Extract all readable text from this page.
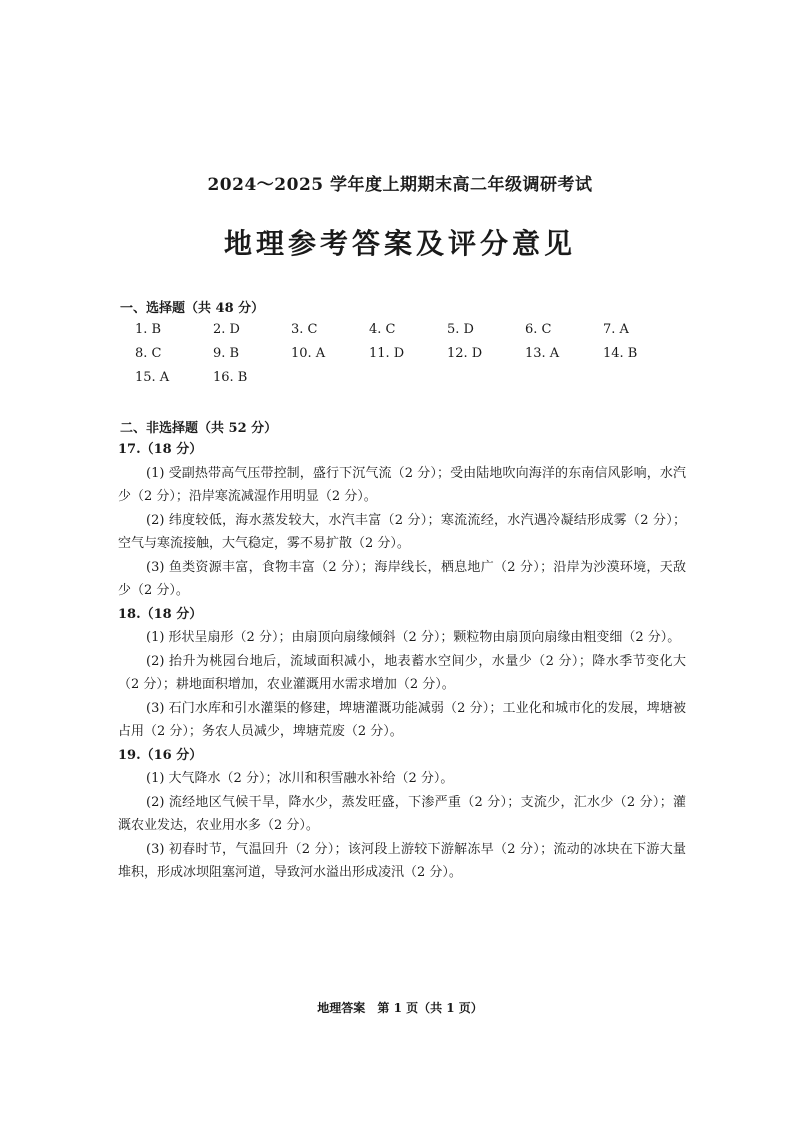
2024～2025 学年度上期期末高二年级调研考试
地理参考答案及评分意见
一、选择题（共 48 分）
1. B	2. D	3. C	4. C	5. D	6. C	7. A
8. C	9. B	10. A	11. D	12. D	13. A	14. B
15. A	16. B
二、非选择题（共 52 分）
17.（18 分）
(1) 受副热带高气压带控制，盛行下沉气流（2 分）；受由陆地吹向海洋的东南信风影响，水汽少（2 分）；沿岸寒流减湿作用明显（2 分）。
(2) 纬度较低，海水蒸发较大，水汽丰富（2 分）；寒流流经，水汽遇冷凝结形成雾（2 分）；空气与寒流接触，大气稳定，雾不易扩散（2 分）。
(3) 鱼类资源丰富，食物丰富（2 分）；海岸线长，栖息地广（2 分）；沿岸为沙漠环境，天敌少（2 分）。
18.（18 分）
(1) 形状呈扇形（2 分）；由扇顶向扇缘倾斜（2 分）；颗粒物由扇顶向扇缘由粗变细（2 分）。
(2) 抬升为桃园台地后，流域面积减小，地表蓄水空间少，水量少（2 分）；降水季节变化大（2 分）；耕地面积增加，农业灌溉用水需求增加（2 分）。
(3) 石门水库和引水灌渠的修建，埤塘灌溉功能减弱（2 分）；工业化和城市化的发展，埤塘被占用（2 分）；务农人员减少，埤塘荒废（2 分）。
19.（16 分）
(1) 大气降水（2 分）；冰川和积雪融水补给（2 分）。
(2) 流经地区气候干旱，降水少，蒸发旺盛，下渗严重（2 分）；支流少，汇水少（2 分）；灌溉农业发达，农业用水多（2 分）。
(3) 初春时节，气温回升（2 分）；该河段上游较下游解冻早（2 分）；流动的冰块在下游大量堆积，形成冰坝阻塞河道，导致河水溢出形成凌汛（2 分）。
地理答案 第 1 页（共 1 页）
